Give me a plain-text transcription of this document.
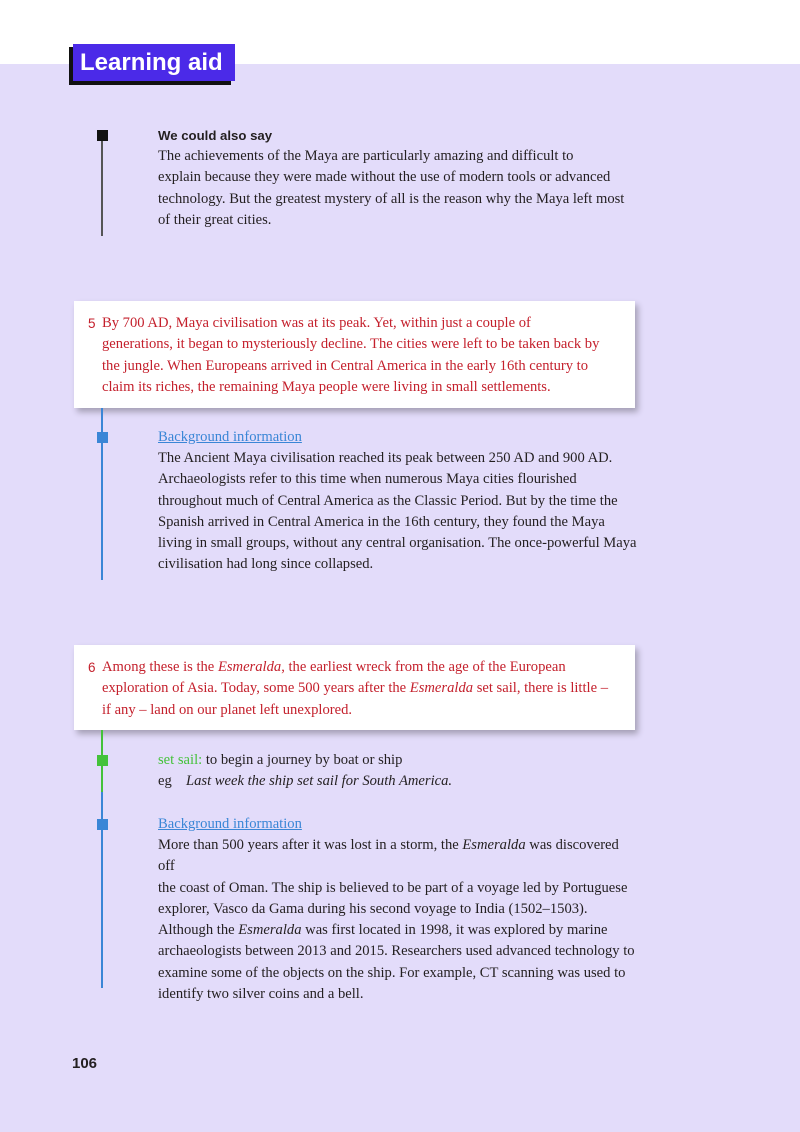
Learning aid
We could also say
The achievements of the Maya are particularly amazing and difficult to
explain because they were made without the use of modern tools or advanced
technology. But the greatest mystery of all is the reason why the Maya left most
of their great cities.
5 By 700 AD, Maya civilisation was at its peak. Yet, within just a couple of
generations, it began to mysteriously decline. The cities were left to be taken back by
the jungle. When Europeans arrived in Central America in the early 16th century to
claim its riches, the remaining Maya people were living in small settlements.
Background information
The Ancient Maya civilisation reached its peak between 250 AD and 900 AD.
Archaeologists refer to this time when numerous Maya cities flourished
throughout much of Central America as the Classic Period. But by the time the
Spanish arrived in Central America in the 16th century, they found the Maya
living in small groups, without any central organisation. The once-powerful Maya
civilisation had long since collapsed.
6 Among these is the Esmeralda, the earliest wreck from the age of the European
exploration of Asia. Today, some 500 years after the Esmeralda set sail, there is little –
if any – land on our planet left unexplored.
set sail: to begin a journey by boat or ship
eg Last week the ship set sail for South America.
Background information
More than 500 years after it was lost in a storm, the Esmeralda was discovered off
the coast of Oman. The ship is believed to be part of a voyage led by Portuguese
explorer, Vasco da Gama during his second voyage to India (1502–1503).
Although the Esmeralda was first located in 1998, it was explored by marine
archaeologists between 2013 and 2015. Researchers used advanced technology to
examine some of the objects on the ship. For example, CT scanning was used to
identify two silver coins and a bell.
106
